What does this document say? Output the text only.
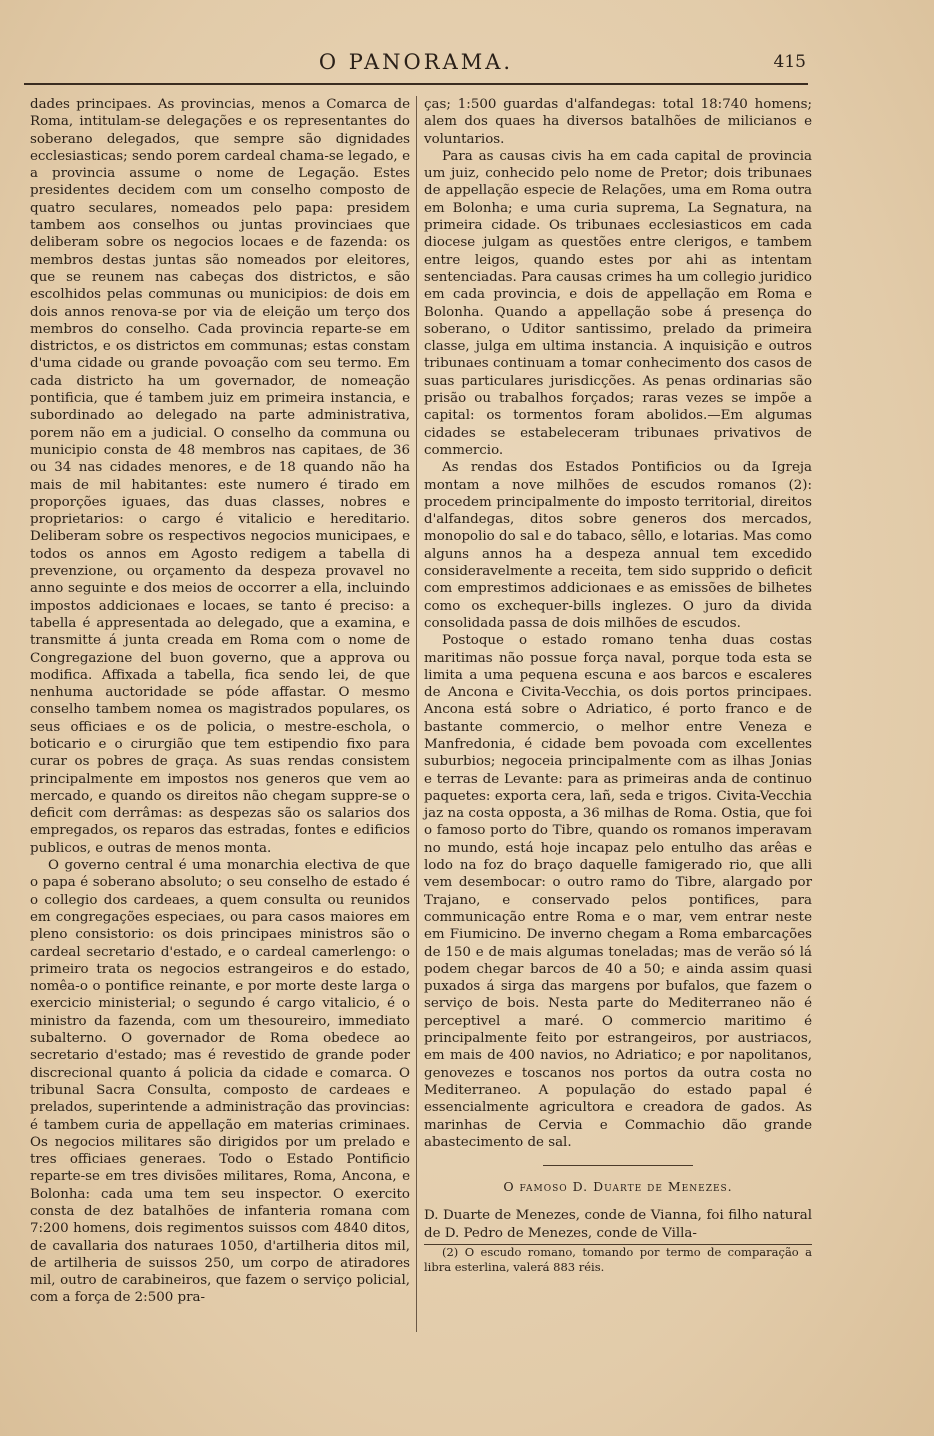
O PANORAMA.	415

dades principaes. As provincias, menos a Comarca de Roma, intitulam-se delegações e os representantes do soberano delegados, que sempre são dignidades ecclesiasticas; sendo porem cardeal chama-se legado, e a provincia assume o nome de Legação. Estes presidentes decidem com um conselho composto de quatro seculares, nomeados pelo papa: presidem tambem aos conselhos ou juntas provinciaes que deliberam sobre os negocios locaes e de fazenda: os membros destas juntas são nomeados por eleitores, que se reunem nas cabeças dos districtos, e são escolhidos pelas communas ou municipios: de dois em dois annos renova-se por via de eleição um terço dos membros do conselho. Cada provincia reparte-se em districtos, e os districtos em communas; estas constam d'uma cidade ou grande povoação com seu termo. Em cada districto ha um governador, de nomeação pontificia, que é tambem juiz em primeira instancia, e subordinado ao delegado na parte administrativa, porem não em a judicial. O conselho da communa ou municipio consta de 48 membros nas capitaes, de 36 ou 34 nas cidades menores, e de 18 quando não ha mais de mil habitantes: este numero é tirado em proporções iguaes, das duas classes, nobres e proprietarios: o cargo é vitalicio e hereditario. Deliberam sobre os respectivos negocios municipaes, e todos os annos em Agosto redigem a tabella di prevenzione, ou orçamento da despeza provavel no anno seguinte e dos meios de occorrer a ella, incluindo impostos addicionaes e locaes, se tanto é preciso: a tabella é appresentada ao delegado, que a examina, e transmitte á junta creada em Roma com o nome de Congregazione del buon governo, que a approva ou modifica. Affixada a tabella, fica sendo lei, de que nenhuma auctoridade se póde affastar. O mesmo conselho tambem nomea os magistrados populares, os seus officiaes e os de policia, o mestre-eschola, o boticario e o cirurgião que tem estipendio fixo para curar os pobres de graça. As suas rendas consistem principalmente em impostos nos generos que vem ao mercado, e quando os direitos não chegam suppre-se o deficit com derrâmas: as despezas são os salarios dos empregados, os reparos das estradas, fontes e edificios publicos, e outras de menos monta.

O governo central é uma monarchia electiva de que o papa é soberano absoluto; o seu conselho de estado é o collegio dos cardeaes, a quem consulta ou reunidos em congregações especiaes, ou para casos maiores em pleno consistorio: os dois principaes ministros são o cardeal secretario d'estado, e o cardeal camerlengo: o primeiro trata os negocios estrangeiros e do estado, nomêa-o o pontifice reinante, e por morte deste larga o exercicio ministerial; o segundo é cargo vitalicio, é o ministro da fazenda, com um thesoureiro, immediato subalterno. O governador de Roma obedece ao secretario d'estado; mas é revestido de grande poder discrecional quanto á policia da cidade e comarca. O tribunal Sacra Consulta, composto de cardeaes e prelados, superintende a administração das provincias: é tambem curia de appellação em materias criminaes. Os negocios militares são dirigidos por um prelado e tres officiaes generaes. Todo o Estado Pontificio reparte-se em tres divisões militares, Roma, Ancona, e Bolonha: cada uma tem seu inspector. O exercito consta de dez batalhões de infanteria romana com 7:200 homens, dois regimentos suissos com 4840 ditos, de cavallaria dos naturaes 1050, d'artilheria ditos mil, de artilheria de suissos 250, um corpo de atiradores mil, outro de carabineiros, que fazem o serviço policial, com a força de 2:500 pra-

ças; 1:500 guardas d'alfandegas: total 18:740 homens; alem dos quaes ha diversos batalhões de milicianos e voluntarios.

Para as causas civis ha em cada capital de provincia um juiz, conhecido pelo nome de Pretor; dois tribunaes de appellação especie de Relações, uma em Roma outra em Bolonha; e uma curia suprema, La Segnatura, na primeira cidade. Os tribunaes ecclesiasticos em cada diocese julgam as questões entre clerigos, e tambem entre leigos, quando estes por ahi as intentam sentenciadas. Para causas crimes ha um collegio juridico em cada provincia, e dois de appellação em Roma e Bolonha. Quando a appellação sobe á presença do soberano, o Uditor santissimo, prelado da primeira classe, julga em ultima instancia. A inquisição e outros tribunaes continuam a tomar conhecimento dos casos de suas particulares jurisdicções. As penas ordinarias são prisão ou trabalhos forçados; raras vezes se impõe a capital: os tormentos foram abolidos.—Em algumas cidades se estabeleceram tribunaes privativos de commercio.

As rendas dos Estados Pontificios ou da Igreja montam a nove milhões de escudos romanos (2): procedem principalmente do imposto territorial, direitos d'alfandegas, ditos sobre generos dos mercados, monopolio do sal e do tabaco, sêllo, e lotarias. Mas como alguns annos ha a despeza annual tem excedido consideravelmente a receita, tem sido supprido o deficit com emprestimos addicionaes e as emissões de bilhetes como os exchequer-bills inglezes. O juro da divida consolidada passa de dois milhões de escudos.

Postoque o estado romano tenha duas costas maritimas não possue força naval, porque toda esta se limita a uma pequena escuna e aos barcos e escaleres de Ancona e Civita-Vecchia, os dois portos principaes. Ancona está sobre o Adriatico, é porto franco e de bastante commercio, o melhor entre Veneza e Manfredonia, é cidade bem povoada com excellentes suburbios; negoceia principalmente com as ilhas Jonias e terras de Levante: para as primeiras anda de continuo paquetes: exporta cera, lañ, seda e trigos. Civita-Vecchia jaz na costa opposta, a 36 milhas de Roma. Ostia, que foi o famoso porto do Tibre, quando os romanos imperavam no mundo, está hoje incapaz pelo entulho das arêas e lodo na foz do braço daquelle famigerado rio, que alli vem desembocar: o outro ramo do Tibre, alargado por Trajano, e conservado pelos pontifices, para communicação entre Roma e o mar, vem entrar neste em Fiumicino. De inverno chegam a Roma embarcações de 150 e de mais algumas toneladas; mas de verão só lá podem chegar barcos de 40 a 50; e ainda assim quasi puxados á sirga das margens por bufalos, que fazem o serviço de bois. Nesta parte do Mediterraneo não é perceptivel a maré. O commercio maritimo é principalmente feito por estrangeiros, por austriacos, em mais de 400 navios, no Adriatico; e por napolitanos, genovezes e toscanos nos portos da outra costa no Mediterraneo. A população do estado papal é essencialmente agricultora e creadora de gados. As marinhas de Cervia e Commachio dão grande abastecimento de sal.

O famoso D. Duarte de Menezes.

D. Duarte de Menezes, conde de Vianna, foi filho natural de D. Pedro de Menezes, conde de Villa-

(2) O escudo romano, tomando por termo de comparação a libra esterlina, valerá 883 réis.
